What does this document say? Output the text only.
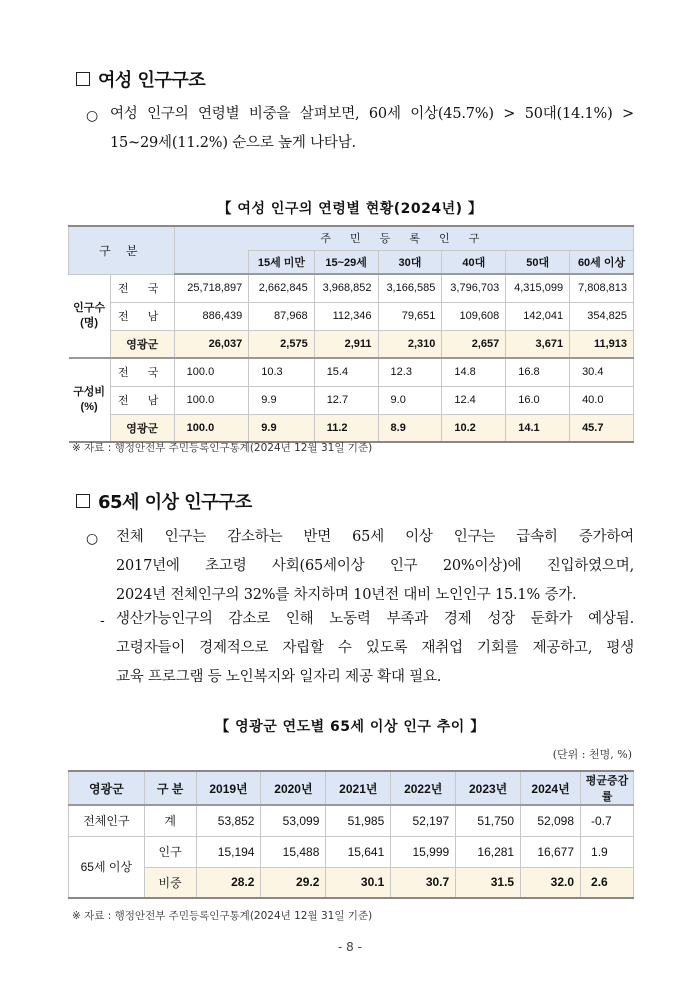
여성 인구구조
○ 여성 인구의 연령별 비중을 살펴보면, 60세 이상(45.7%) > 50대(14.1%) >
15~29세(11.2%) 순으로 높게 나타남.
【 여성 인구의 연령별 현황(2024년) 】
구 분		주 민 등 록 인 구						
			15세 미만	15~29세	30대	40대	50대	60세 이상
인구수
(명)	전 국	25,718,897	2,662,845	3,968,852	3,166,585	3,796,703	4,315,099	7,808,813
	전 남	886,439	87,968	112,346	79,651	109,608	142,041	354,825
	영광군	26,037	2,575	2,911	2,310	2,657	3,671	11,913
구성비
(%)	전 국	100.0	10.3	15.4	12.3	14.8	16.8	30.4
	전 남	100.0	9.9	12.7	9.0	12.4	16.0	40.0
	영광군	100.0	9.9	11.2	8.9	10.2	14.1	45.7
※ 자료 : 행정안전부 주민등록인구통계(2024년 12월 31일 기준)
65세 이상 인구구조
○ 전체 인구는 감소하는 반면 65세 이상 인구는 급속히 증가하여
2017년에 초고령 사회(65세이상 인구 20%이상)에 진입하였으며,
2024년 전체인구의 32%를 차지하며 10년전 대비 노인인구 15.1% 증가.
- 생산가능인구의 감소로 인해 노동력 부족과 경제 성장 둔화가 예상됨.
고령자들이 경제적으로 자립할 수 있도록 재취업 기회를 제공하고, 평생
교육 프로그램 등 노인복지와 일자리 제공 확대 필요.
【 영광군 연도별 65세 이상 인구 추이 】
(단위 : 천명, %)
영광군	구 분	2019년	2020년	2021년	2022년	2023년	2024년	평균증감률
전체인구	계	53,852	53,099	51,985	52,197	51,750	52,098	-0.7
65세 이상	인구	15,194	15,488	15,641	15,999	16,281	16,677	1.9
	비중	28.2	29.2	30.1	30.7	31.5	32.0	2.6
※ 자료 : 행정안전부 주민등록인구통계(2024년 12월 31일 기준)
- 8 -
